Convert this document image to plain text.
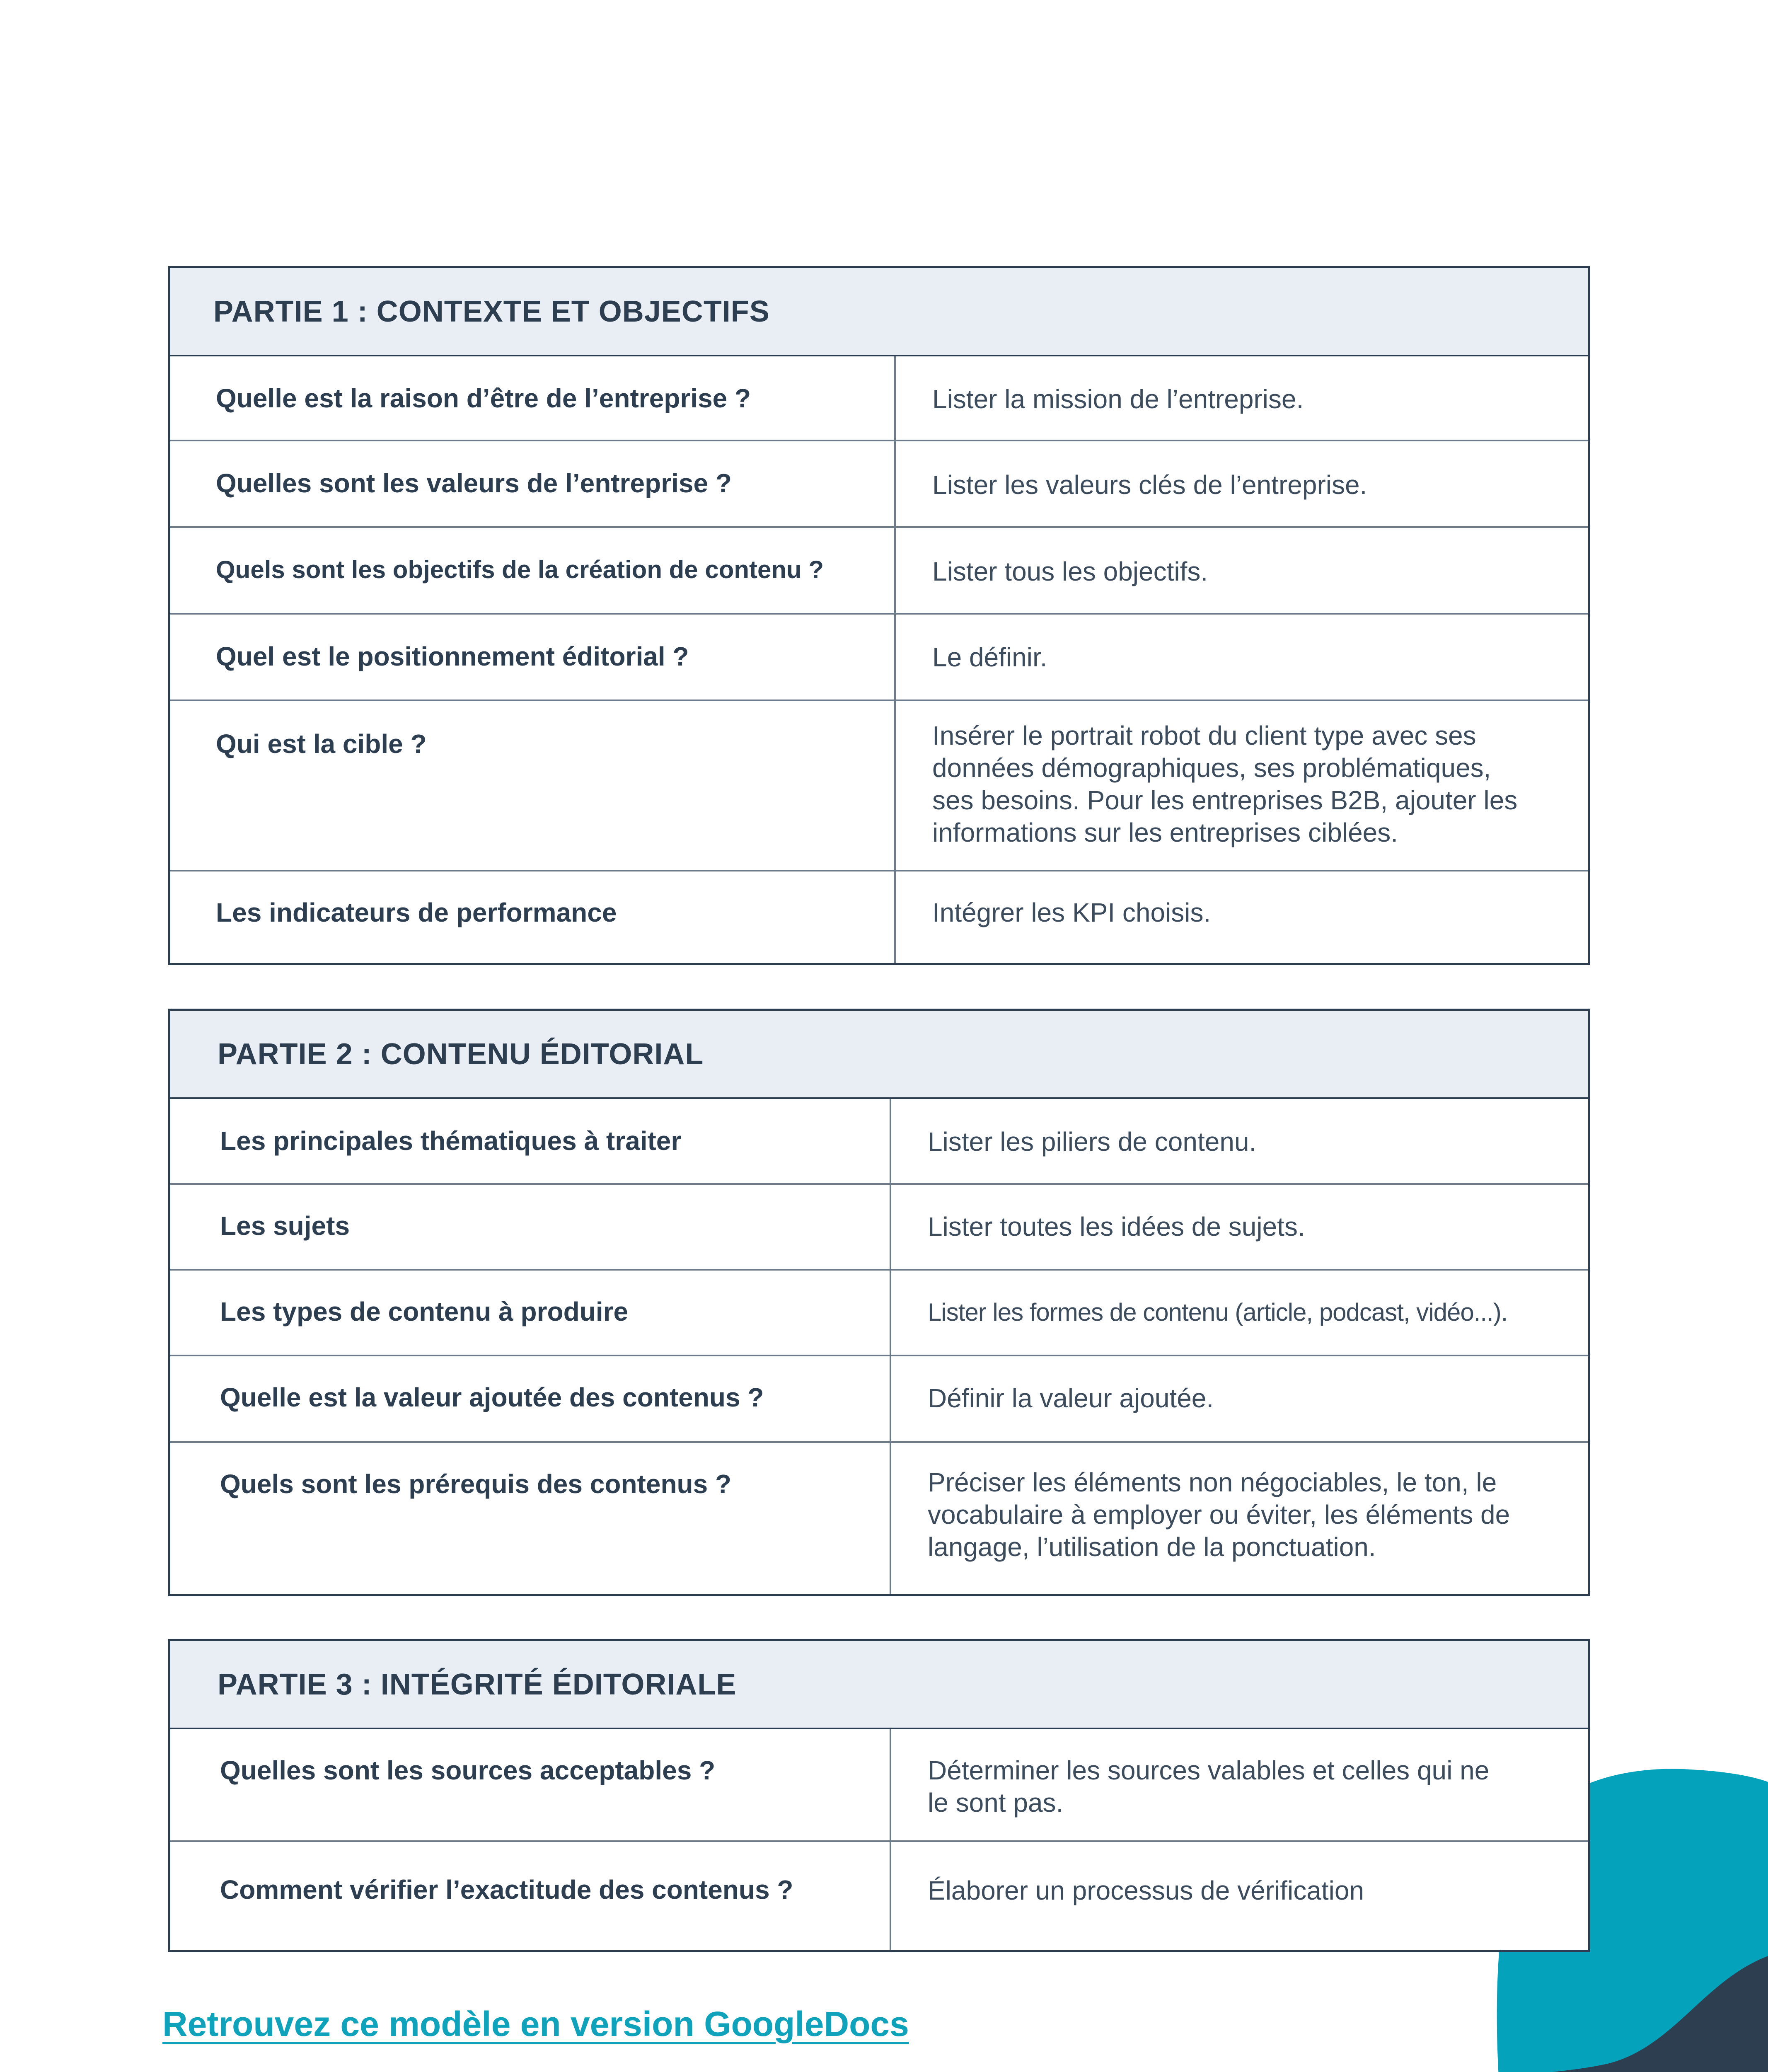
PARTIE 1 : CONTEXTE ET OBJECTIFS
Quelle est la raison d’être de l’entreprise ?	Lister la mission de l’entreprise.
Quelles sont les valeurs de l’entreprise ?	Lister les valeurs clés de l’entreprise.
Quels sont les objectifs de la création de contenu ?	Lister tous les objectifs.
Quel est le positionnement éditorial ?	Le définir.
Qui est la cible ?	Insérer le portrait robot du client type avec ses données démographiques, ses problématiques, ses besoins. Pour les entreprises B2B, ajouter les informations sur les entreprises ciblées.
Les indicateurs de performance	Intégrer les KPI choisis.
PARTIE 2 : CONTENU ÉDITORIAL
Les principales thématiques à traiter	Lister les piliers de contenu.
Les sujets	Lister toutes les idées de sujets.
Les types de contenu à produire	Lister les formes de contenu (article, podcast, vidéo...).
Quelle est la valeur ajoutée des contenus ?	Définir la valeur ajoutée.
Quels sont les prérequis des contenus ?	Préciser les éléments non négociables, le ton, le vocabulaire à employer ou éviter, les éléments de langage, l’utilisation de la ponctuation.
PARTIE 3 : INTÉGRITÉ ÉDITORIALE
Quelles sont les sources acceptables ?	Déterminer les sources valables et celles qui ne le sont pas.
Comment vérifier l’exactitude des contenus ?	Élaborer un processus de vérification
Retrouvez ce modèle en version GoogleDocs
